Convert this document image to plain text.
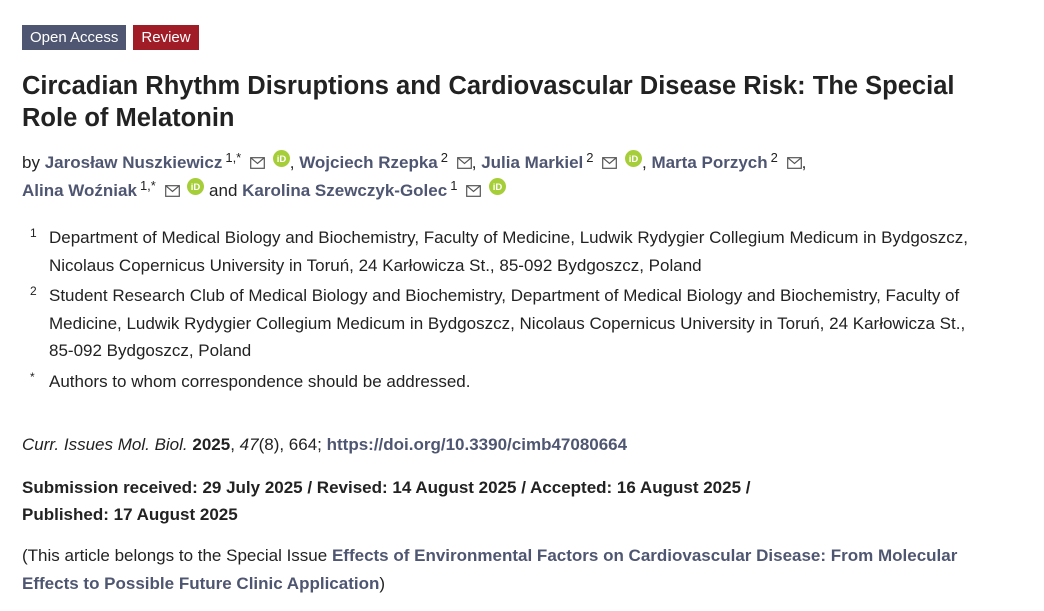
Open Access	Review
Circadian Rhythm Disruptions and Cardiovascular Disease Risk: The Special Role of Melatonin
by Jarosław Nuszkiewicz $^{1,*}$	iD , Wojciech Rzepka $^2$ , Julia Markiel $^2$	iD , Marta Porzych $^2$ ,
Alina Woźniak $^{1,*}$	iD and Karolina Szewczyk-Golec $^1$	iD
1 Department of Medical Biology and Biochemistry, Faculty of Medicine, Ludwik Rydygier Collegium Medicum in Bydgoszcz, Nicolaus Copernicus University in Toruń, 24 Karłowicza St., 85-092 Bydgoszcz, Poland
2 Student Research Club of Medical Biology and Biochemistry, Department of Medical Biology and Biochemistry, Faculty of Medicine, Ludwik Rydygier Collegium Medicum in Bydgoszcz, Nicolaus Copernicus University in Toruń, 24 Karłowicza St., 85-092 Bydgoszcz, Poland
* Authors to whom correspondence should be addressed.
Curr. Issues Mol. Biol. 2025, 47(8), 664; https://doi.org/10.3390/cimb47080664
Submission received: 29 July 2025 / Revised: 14 August 2025 / Accepted: 16 August 2025 / Published: 17 August 2025
(This article belongs to the Special Issue Effects of Environmental Factors on Cardiovascular Disease: From Molecular Effects to Possible Future Clinic Application)
